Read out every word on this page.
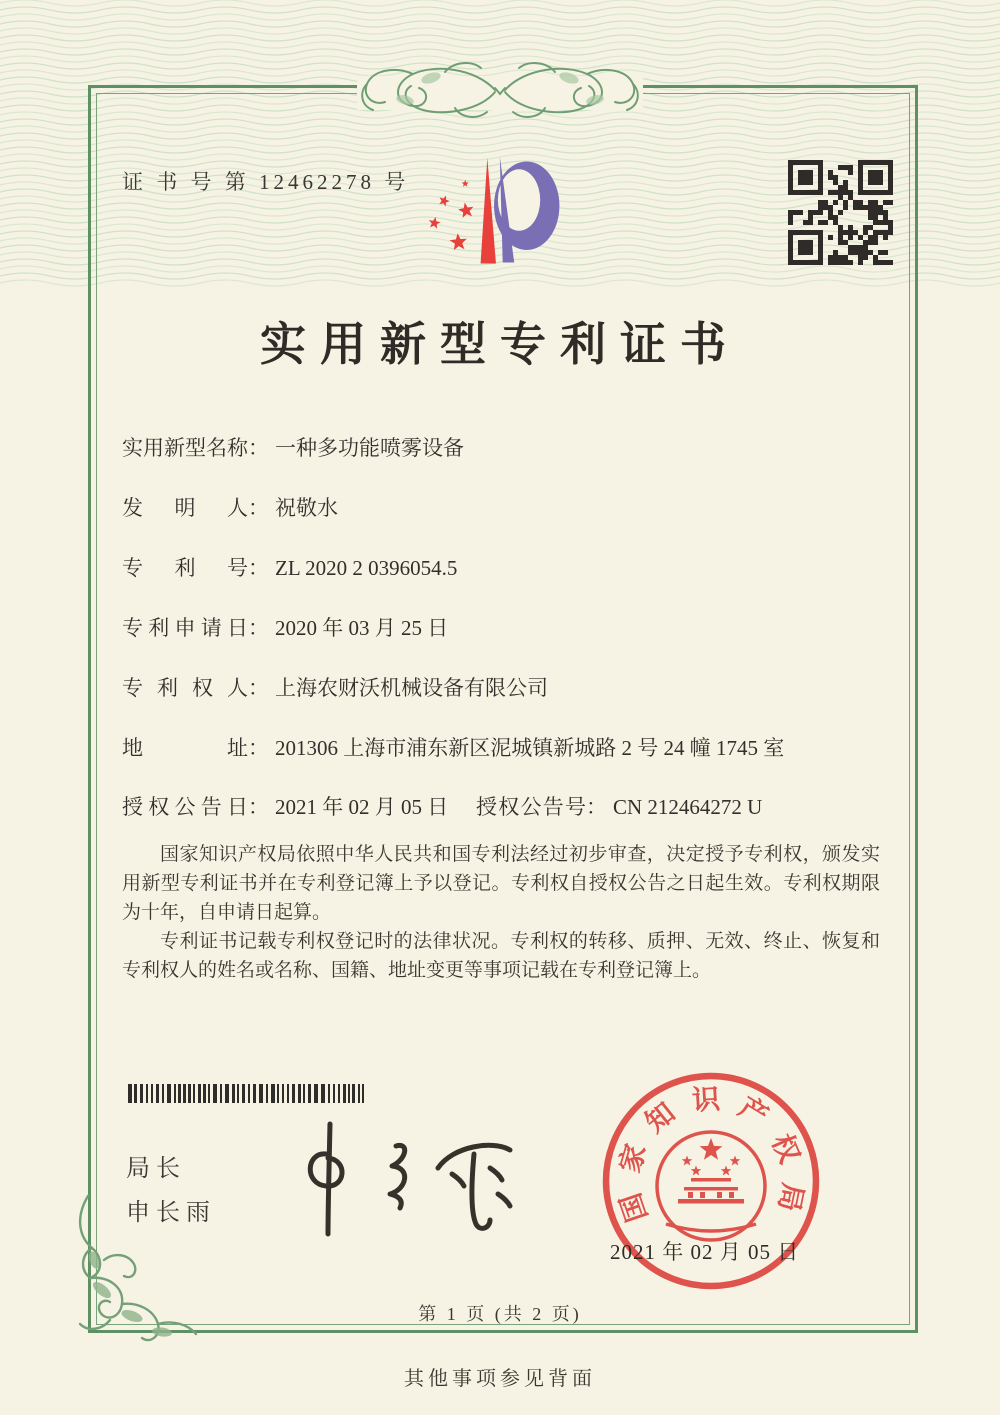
证 书 号 第 12462278 号
实用新型专利证书
实用新型名称： 一种多功能喷雾设备
发明人： 祝敬水
专利号： ZL 2020 2 0396054.5
专利申请日： 2020 年 03 月 25 日
专利权人： 上海农财沃机械设备有限公司
地址： 201306 上海市浦东新区泥城镇新城路 2 号 24 幢 1745 室
授权公告日： 2021 年 02 月 05 日 授权公告号： CN 212464272 U

国家知识产权局依照中华人民共和国专利法经过初步审查，决定授予专利权，颁发实用新型专利证书并在专利登记簿上予以登记。专利权自授权公告之日起生效。专利权期限为十年，自申请日起算。

专利证书记载专利权登记时的法律状况。专利权的转移、质押、无效、终止、恢复和专利权人的姓名或名称、国籍、地址变更等事项记载在专利登记簿上。

局长
申长雨	国家知识产权局
2021 年 02 月 05 日
第 1 页 (共 2 页)
其他事项参见背面
